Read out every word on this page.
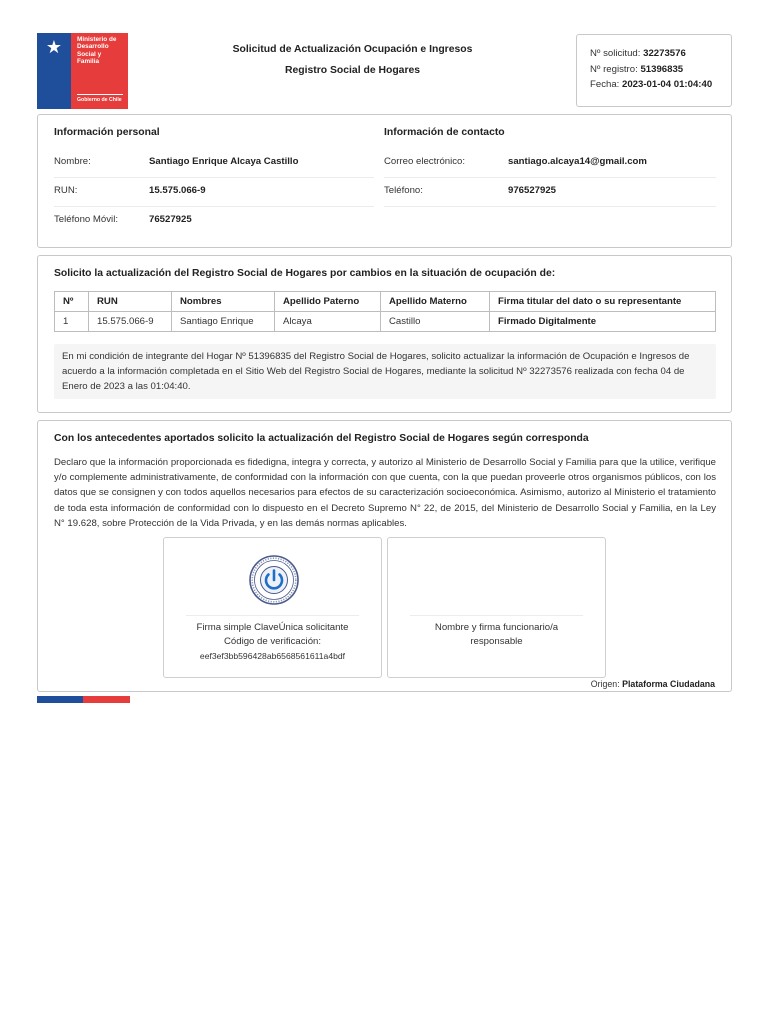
★	Ministerio de
Desarrollo
Social y
Familia
Gobierno de Chile
Solicitud de Actualización Ocupación e Ingresos
Registro Social de Hogares
Nº solicitud: 32273576
Nº registro: 51396835
Fecha: 2023-01-04 01:04:40
Información personal	Información de contacto
Nombre:	Santiago Enrique Alcaya Castillo	Correo electrónico:	santiago.alcaya14@gmail.com
RUN:	15.575.066-9	Teléfono:	976527925
Teléfono Móvil:	76527925
Solicito la actualización del Registro Social de Hogares por cambios en la situación de ocupación de:
Nº	RUN	Nombres	Apellido Paterno	Apellido Materno	Firma titular del dato o su representante
1	15.575.066-9	Santiago Enrique	Alcaya	Castillo	Firmado Digitalmente
En mi condición de integrante del Hogar Nº 51396835 del Registro Social de Hogares, solicito actualizar la información de Ocupación e Ingresos de acuerdo a la información completada en el Sitio Web del Registro Social de Hogares, mediante la solicitud Nº 32273576 realizada con fecha 04 de Enero de 2023 a las 01:04:40.
Con los antecedentes aportados solicito la actualización del Registro Social de Hogares según corresponda
Declaro que la información proporcionada es fidedigna, integra y correcta, y autorizo al Ministerio de Desarrollo Social y Familia para que la utilice, verifique y/o complemente administrativamente, de conformidad con la información con que cuenta, con la que puedan proveerle otros organismos públicos, con los datos que se consignen y con todos aquellos necesarios para efectos de su caracterización socioeconómica. Asimismo, autorizo al Ministerio el tratamiento de toda esta información de conformidad con lo dispuesto en el Decreto Supremo N° 22, de 2015, del Ministerio de Desarrollo Social y Familia, en la Ley N° 19.628, sobre Protección de la Vida Privada, y en las demás normas aplicables.
Firma simple ClaveÚnica solicitante
Código de verificación:
eef3ef3bb596428ab6568561611a4bdf
Nombre y firma funcionario/a
responsable
Origen: Plataforma Ciudadana
